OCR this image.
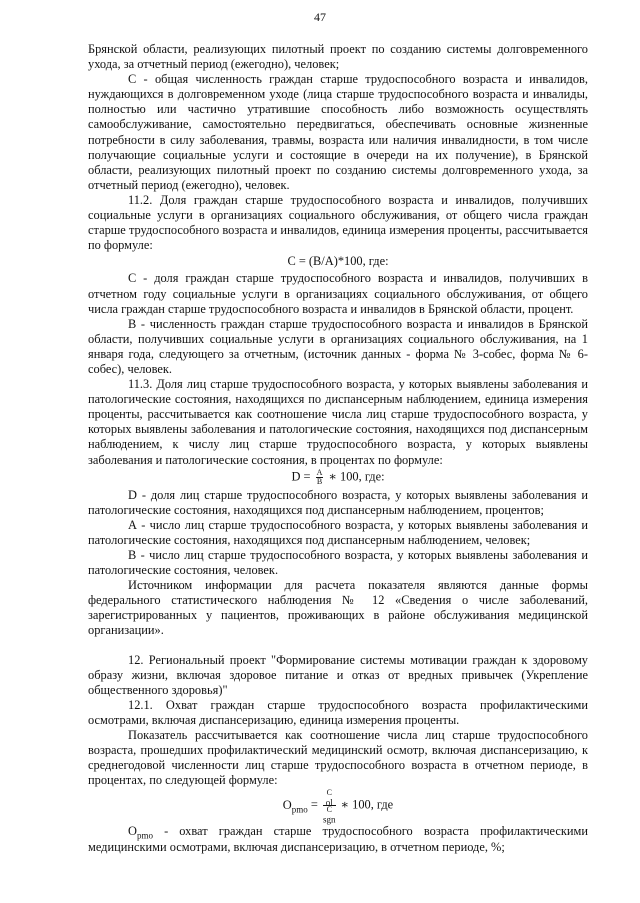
47

Брянской области, реализующих пилотный проект по созданию системы долговременного ухода, за отчетный период (ежегодно), человек;

С - общая численность граждан старше трудоспособного возраста и инвалидов, нуждающихся в долговременном уходе (лица старше трудоспособного возраста и инвалиды, полностью или частично утратившие способность либо возможность осуществлять самообслуживание, самостоятельно передвигаться, обеспечивать основные жизненные потребности в силу заболевания, травмы, возраста или наличия инвалидности, в том числе получающие социальные услуги и состоящие в очереди на их получение), в Брянской области, реализующих пилотный проект по созданию системы долговременного ухода, за отчетный период (ежегодно), человек.

11.2. Доля граждан старше трудоспособного возраста и инвалидов, получивших социальные услуги в организациях социального обслуживания, от общего числа граждан старше трудоспособного возраста и инвалидов, единица измерения проценты, рассчитывается по формуле:

С = (В/А)*100, где:

С - доля граждан старше трудоспособного возраста и инвалидов, получивших в отчетном году социальные услуги в организациях социального обслуживания, от общего числа граждан старше трудоспособного возраста и инвалидов в Брянской области, процент.

В - численность граждан старше трудоспособного возраста и инвалидов в Брянской области, получивших социальные услуги в организациях социального обслуживания, на 1 января года, следующего за отчетным, (источник данных - форма № 3-собес, форма № 6-собес), человек.

11.3. Доля лиц старше трудоспособного возраста, у которых выявлены заболевания и патологические состояния, находящихся по диспансерным наблюдением, единица измерения проценты, рассчитывается как соотношение числа лиц старше трудоспособного возраста, у которых выявлены заболевания и патологические состояния, находящихся под диспансерным наблюдением, к числу лиц старше трудоспособного возраста, у которых выявлены заболевания и патологические состояния, в процентах по формуле:

$D = \frac{A}{B}$ ∗ 100, где:

D - доля лиц старше трудоспособного возраста, у которых выявлены заболевания и патологические состояния, находящихся под диспансерным наблюдением, процентов;

А - число лиц старше трудоспособного возраста, у которых выявлены заболевания и патологические состояния, находящихся под диспансерным наблюдением, человек;

В - число лиц старше трудоспособного возраста, у которых выявлены заболевания и патологические состояния, человек.

Источником информации для расчета показателя являются данные формы федерального статистического наблюдения № 12 «Сведения о числе заболеваний, зарегистрированных у пациентов, проживающих в районе обслуживания медицинской организации».

12. Региональный проект "Формирование системы мотивации граждан к здоровому образу жизни, включая здоровое питание и отказ от вредных привычек (Укрепление общественного здоровья)"

12.1. Охват граждан старше трудоспособного возраста профилактическими осмотрами, включая диспансеризацию, единица измерения проценты.

Показатель рассчитывается как соотношение числа лиц старше трудоспособного возраста, прошедших профилактический медицинский осмотр, включая диспансеризацию, к среднегодовой численности лиц старше трудоспособного возраста в отчетном периоде, в процентах, по следующей формуле:

$O_{pmo} = C$
$_{ol}$
C
$_{sgn}$ ∗ 100, где

$О_{pmo}$ - охват граждан старше трудоспособного возраста профилактическими медицинскими осмотрами, включая диспансеризацию, в отчетном периоде, %;
